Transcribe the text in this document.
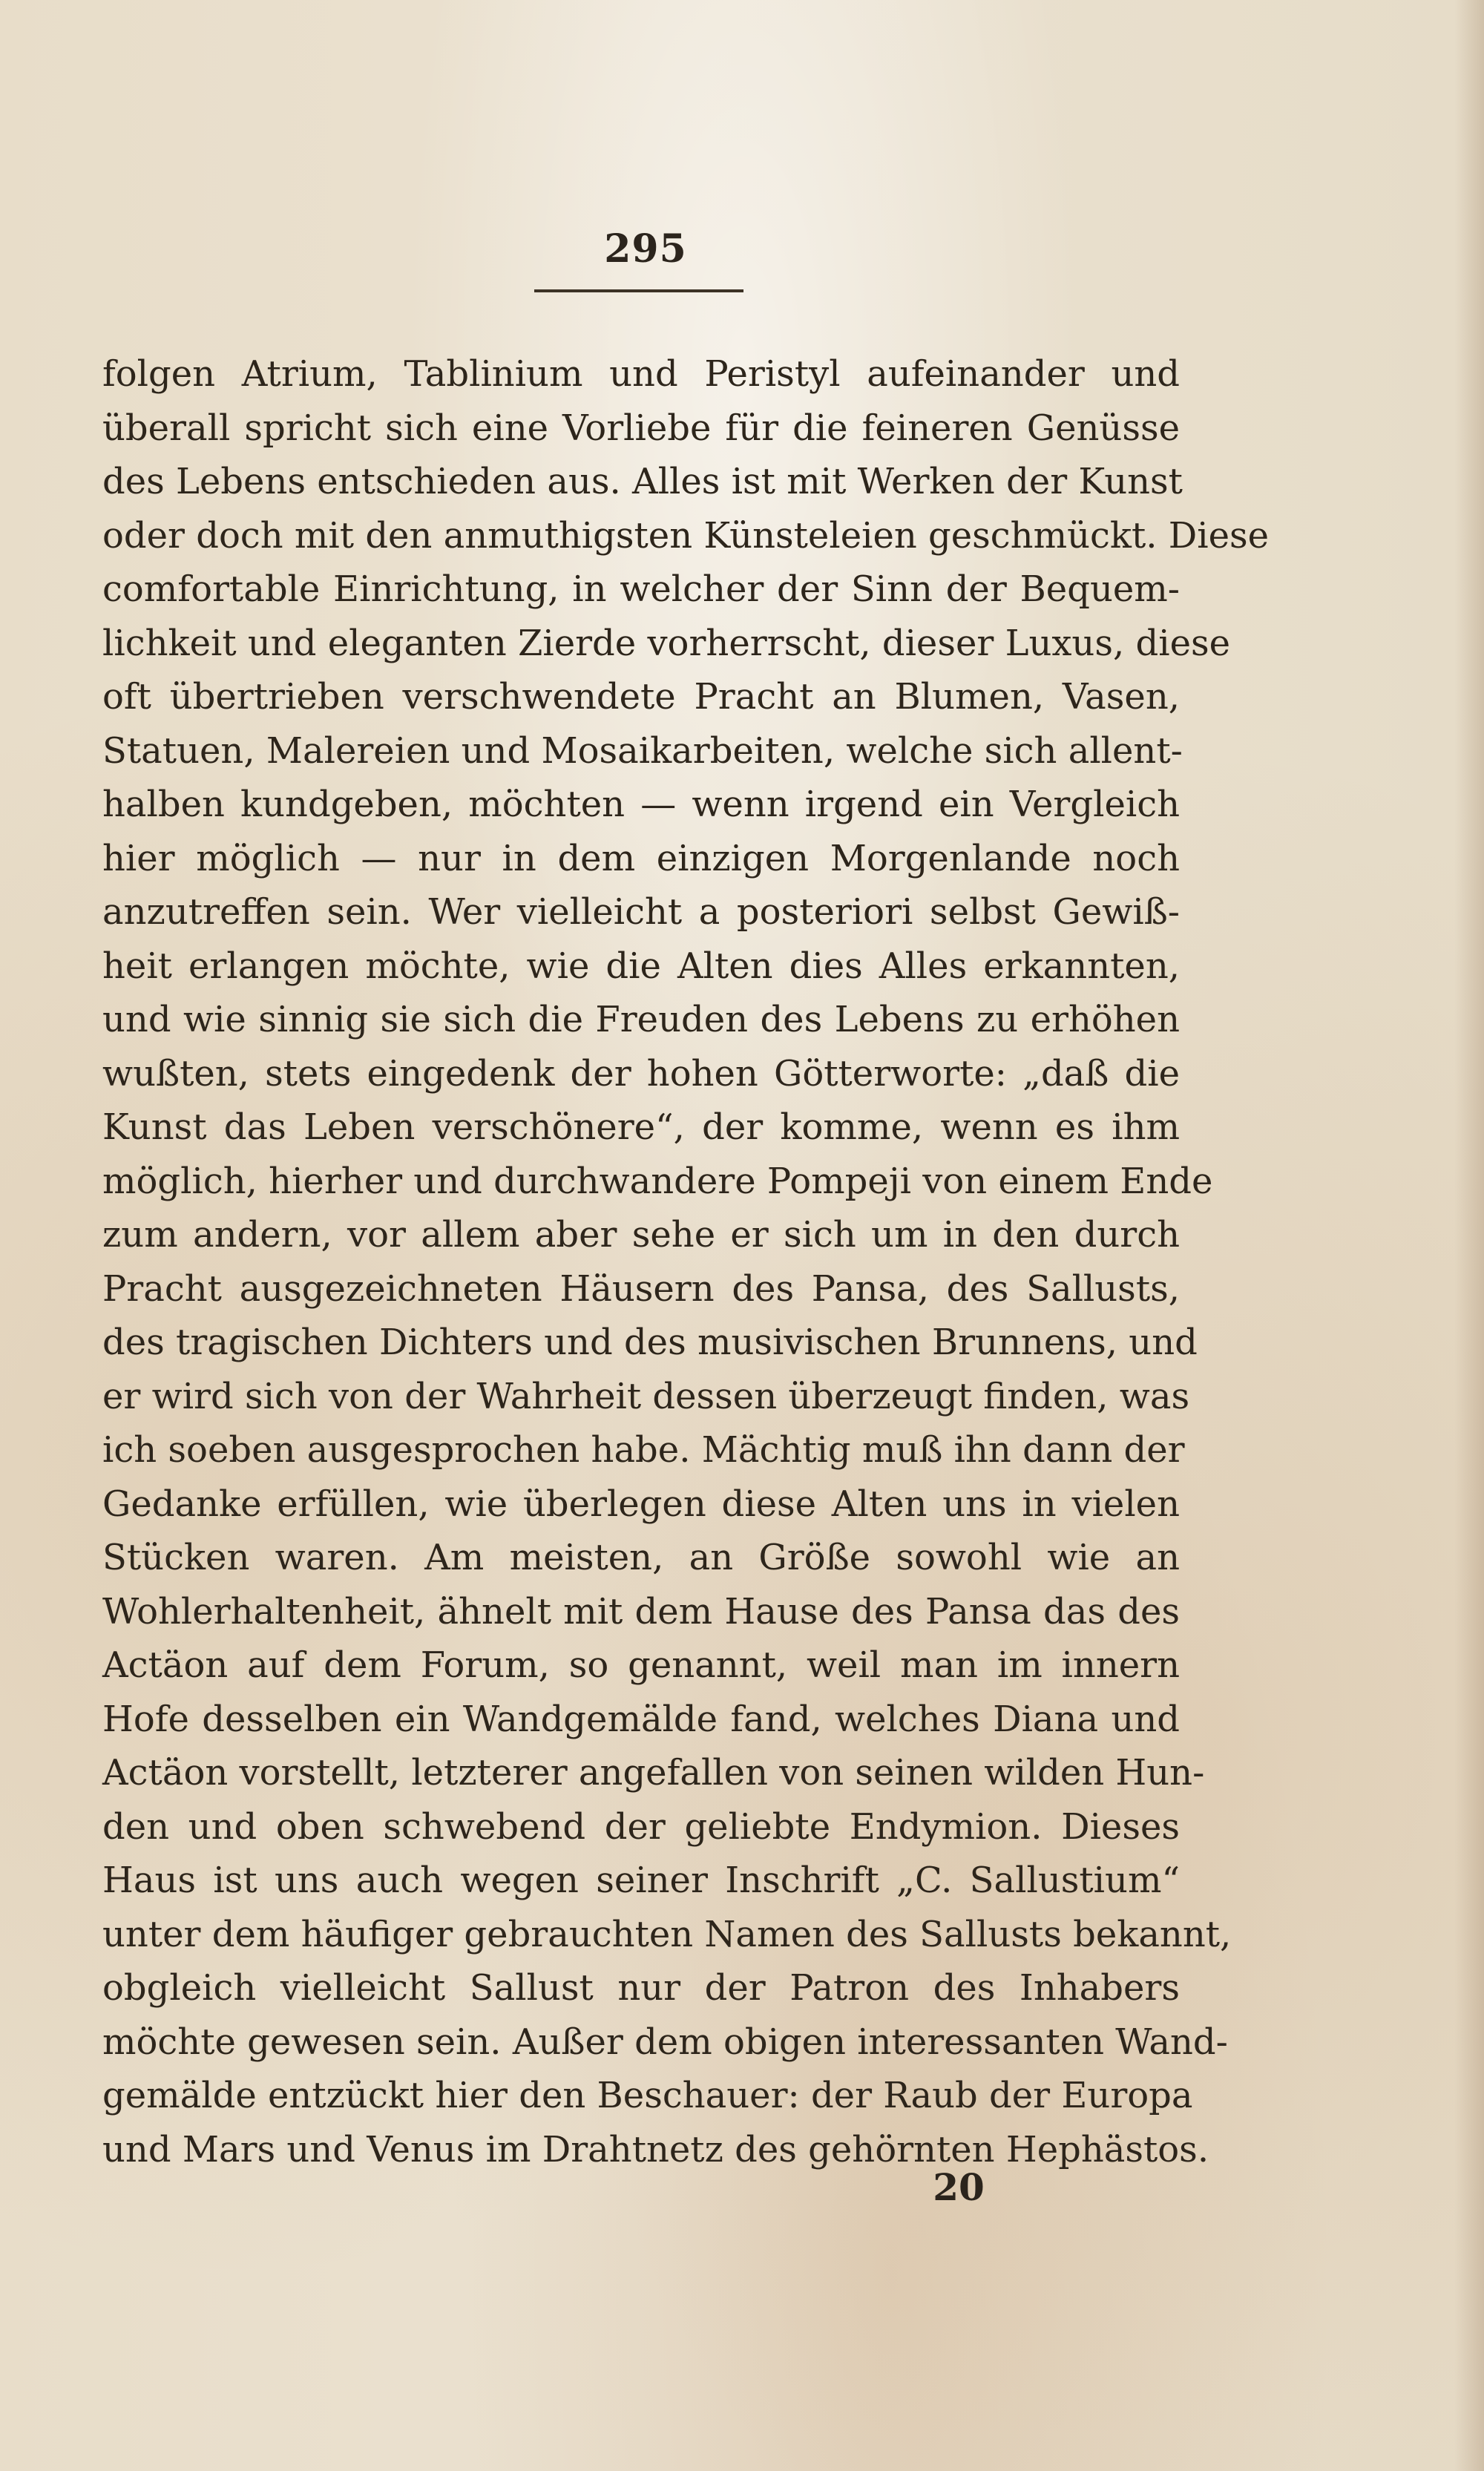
295
folgen Atrium, Tablinium und Peristyl aufeinander und
überall spricht sich eine Vorliebe für die feineren Genüsse
des Lebens entschieden aus. Alles ist mit Werken der Kunst
oder doch mit den anmuthigsten Künsteleien geschmückt. Diese
comfortable Einrichtung, in welcher der Sinn der Bequem-
lichkeit und eleganten Zierde vorherrscht, dieser Luxus, diese
oft übertrieben verschwendete Pracht an Blumen, Vasen,
Statuen, Malereien und Mosaikarbeiten, welche sich allent-
halben kundgeben, möchten — wenn irgend ein Vergleich
hier möglich — nur in dem einzigen Morgenlande noch
anzutreffen sein. Wer vielleicht a posteriori selbst Gewiß-
heit erlangen möchte, wie die Alten dies Alles erkannten,
und wie sinnig sie sich die Freuden des Lebens zu erhöhen
wußten, stets eingedenk der hohen Götterworte: „daß die
Kunst das Leben verschönere“, der komme, wenn es ihm
möglich, hierher und durchwandere Pompeji von einem Ende
zum andern, vor allem aber sehe er sich um in den durch
Pracht ausgezeichneten Häusern des Pansa, des Sallusts,
des tragischen Dichters und des musivischen Brunnens, und
er wird sich von der Wahrheit dessen überzeugt finden, was
ich soeben ausgesprochen habe. Mächtig muß ihn dann der
Gedanke erfüllen, wie überlegen diese Alten uns in vielen
Stücken waren. Am meisten, an Größe sowohl wie an
Wohlerhaltenheit, ähnelt mit dem Hause des Pansa das des
Actäon auf dem Forum, so genannt, weil man im innern
Hofe desselben ein Wandgemälde fand, welches Diana und
Actäon vorstellt, letzterer angefallen von seinen wilden Hun-
den und oben schwebend der geliebte Endymion. Dieses
Haus ist uns auch wegen seiner Inschrift „C. Sallustium“
unter dem häufiger gebrauchten Namen des Sallusts bekannt,
obgleich vielleicht Sallust nur der Patron des Inhabers
möchte gewesen sein. Außer dem obigen interessanten Wand-
gemälde entzückt hier den Beschauer: der Raub der Europa
und Mars und Venus im Drahtnetz des gehörnten Hephästos.
20
